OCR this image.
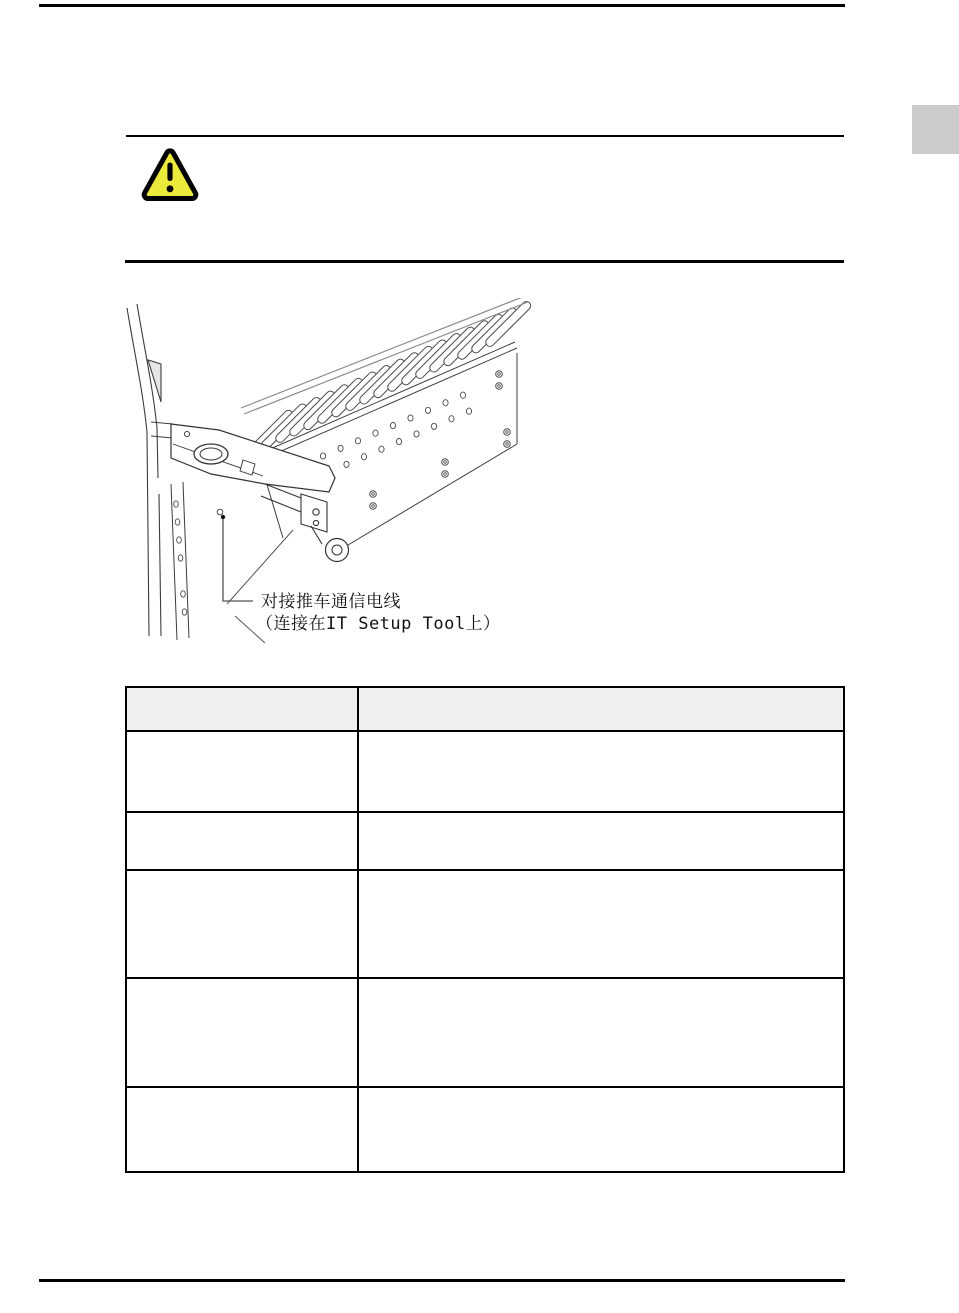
对接推车通信电线
（连接在IT Setup Tool上）
